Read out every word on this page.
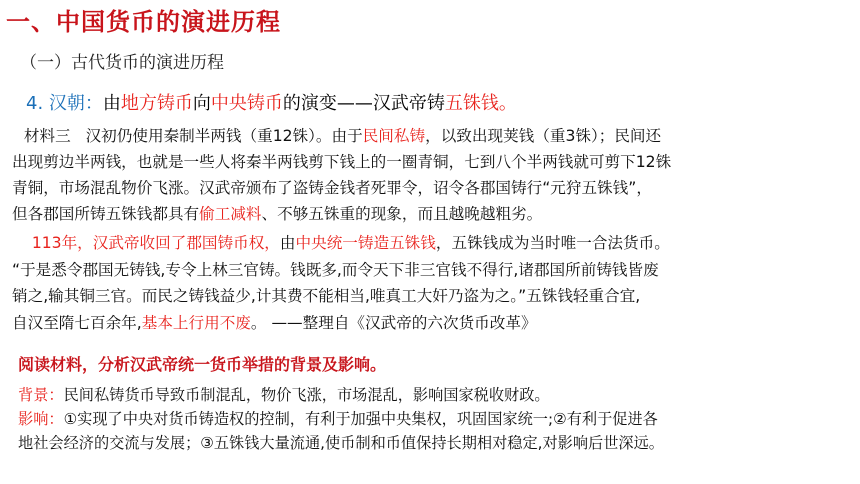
一、中国货币的演进历程
（一）古代货币的演进历程
4. 汉朝：由地方铸币向中央铸币的演变——汉武帝铸五铢钱。
材料三   汉初仍使用秦制半两钱（重12铢）。由于民间私铸，以致出现荚钱（重3铢）；民间还
出现剪边半两钱，也就是一些人将秦半两钱剪下钱上的一圈青铜，七到八个半两钱就可剪下12铢
青铜，市场混乱物价飞涨。汉武帝颁布了盗铸金钱者死罪令，诏令各郡国铸行“元狩五铢钱”，
但各郡国所铸五铢钱都具有偷工减料、不够五铢重的现象，而且越晚越粗劣。
113年，汉武帝收回了郡国铸币权，由中央统一铸造五铢钱，五铢钱成为当时唯一合法货币。
“于是悉令郡国无铸钱,专令上林三官铸。钱既多,而令天下非三官钱不得行,诸郡国所前铸钱皆废
销之,输其铜三官。而民之铸钱益少,计其费不能相当,唯真工大奸乃盗为之。”五铢钱轻重合宜,
自汉至隋七百余年,基本上行用不废。 ——整理自《汉武帝的六次货币改革》
阅读材料，分析汉武帝统一货币举措的背景及影响。
背景：民间私铸货币导致币制混乱，物价飞涨，市场混乱，影响国家税收财政。
影响：①实现了中央对货币铸造权的控制，有利于加强中央集权，巩固国家统一;②有利于促进各
地社会经济的交流与发展；③五铢钱大量流通,使币制和币值保持长期相对稳定,对影响后世深远。
